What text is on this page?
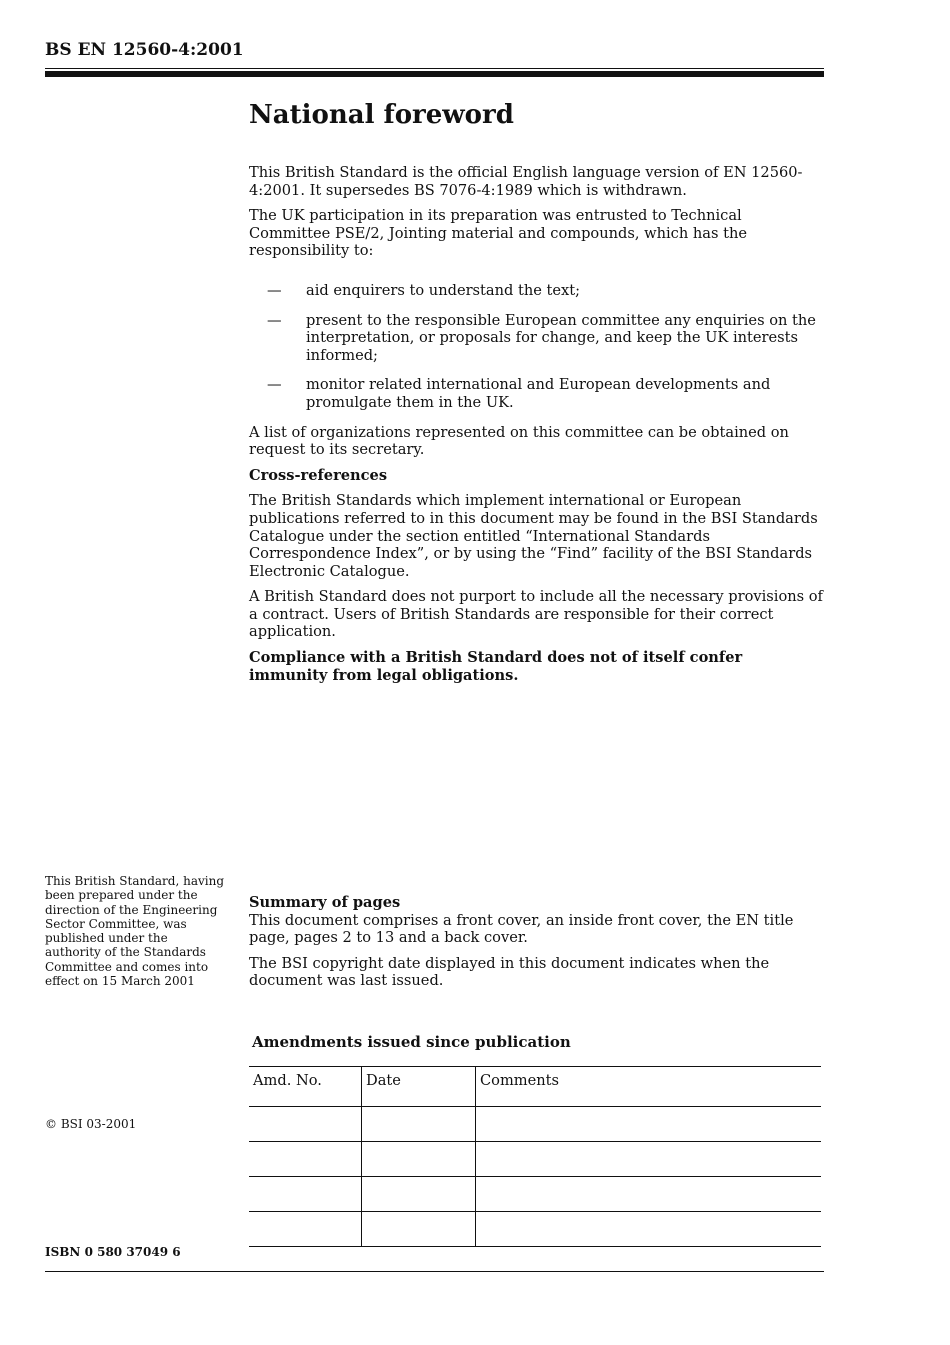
BS EN 12560-4:2001
National foreword

This British Standard is the official English language version of EN 12560-4:2001. It supersedes BS 7076-4:1989 which is withdrawn.

The UK participation in its preparation was entrusted to Technical Committee PSE/2, Jointing material and compounds, which has the responsibility to:

— aid enquirers to understand the text;
— present to the responsible European committee any enquiries on the interpretation, or proposals for change, and keep the UK interests informed;
— monitor related international and European developments and promulgate them in the UK.

A list of organizations represented on this committee can be obtained on request to its secretary.

Cross-references

The British Standards which implement international or European publications referred to in this document may be found in the BSI Standards Catalogue under the section entitled “International Standards Correspondence Index”, or by using the “Find” facility of the BSI Standards Electronic Catalogue.

A British Standard does not purport to include all the necessary provisions of a contract. Users of British Standards are responsible for their correct application.

Compliance with a British Standard does not of itself confer immunity from legal obligations.

This British Standard, having been prepared under the direction of the Engineering Sector Committee, was published under the authority of the Standards Committee and comes into effect on 15 March 2001

Summary of pages

This document comprises a front cover, an inside front cover, the EN title page, pages 2 to 13 and a back cover.

The BSI copyright date displayed in this document indicates when the document was last issued.

Amendments issued since publication
Amd. No.	Date	Comments

© BSI 03-2001
ISBN 0 580 37049 6
